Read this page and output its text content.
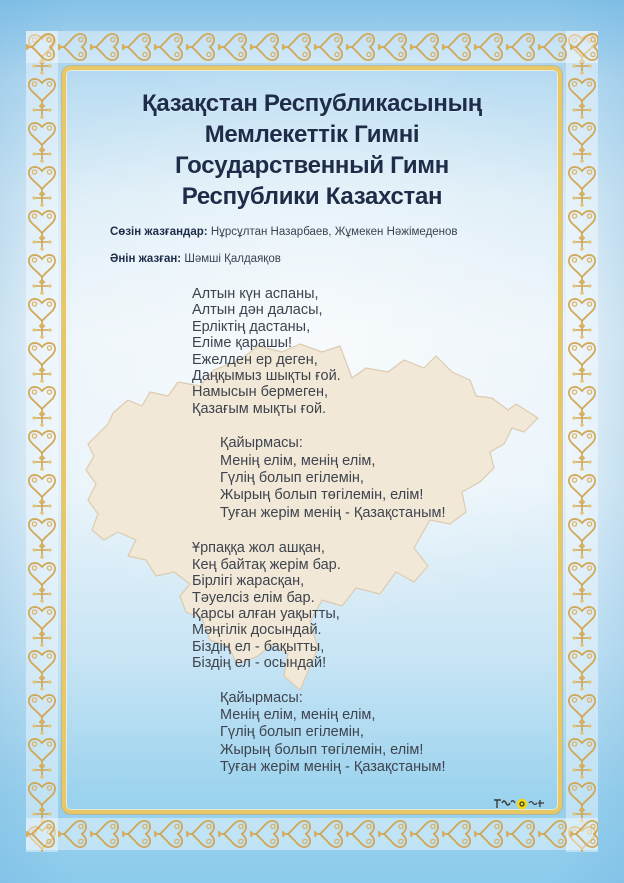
Қазақстан Республикасының
Мемлекеттік Гимні
Государственный Гимн
Республики Казахстан
Сөзін жазғандар: Нұрсұлтан Назарбаев, Жұмекен Нәжімеденов
Әнін жазған: Шәмші Қалдаяқов
Алтын күн аспаны,
Алтын дән даласы,
Ерліктің дастаны,
Еліме қарашы!
Ежелден ер деген,
Даңқымыз шықты ғой.
Намысын бермеген,
Қазағым мықты ғой.
Қайырмасы:
Менің елім, менің елім,
Гүлің болып егілемін,
Жырың болып төгілемін, елім!
Туған жерім менің - Қазақстаным!
Ұрпаққа жол ашқан,
Кең байтақ жерім бар.
Бірлігі жарасқан,
Тәуелсіз елім бар.
Қарсы алған уақытты,
Мәңгілік досындай.
Біздің ел - бақытты,
Біздің ел - осындай!
Қайырмасы:
Менің елім, менің елім,
Гүлің болып егілемін,
Жырың болып төгілемін, елім!
Туған жерім менің - Қазақстаным!
